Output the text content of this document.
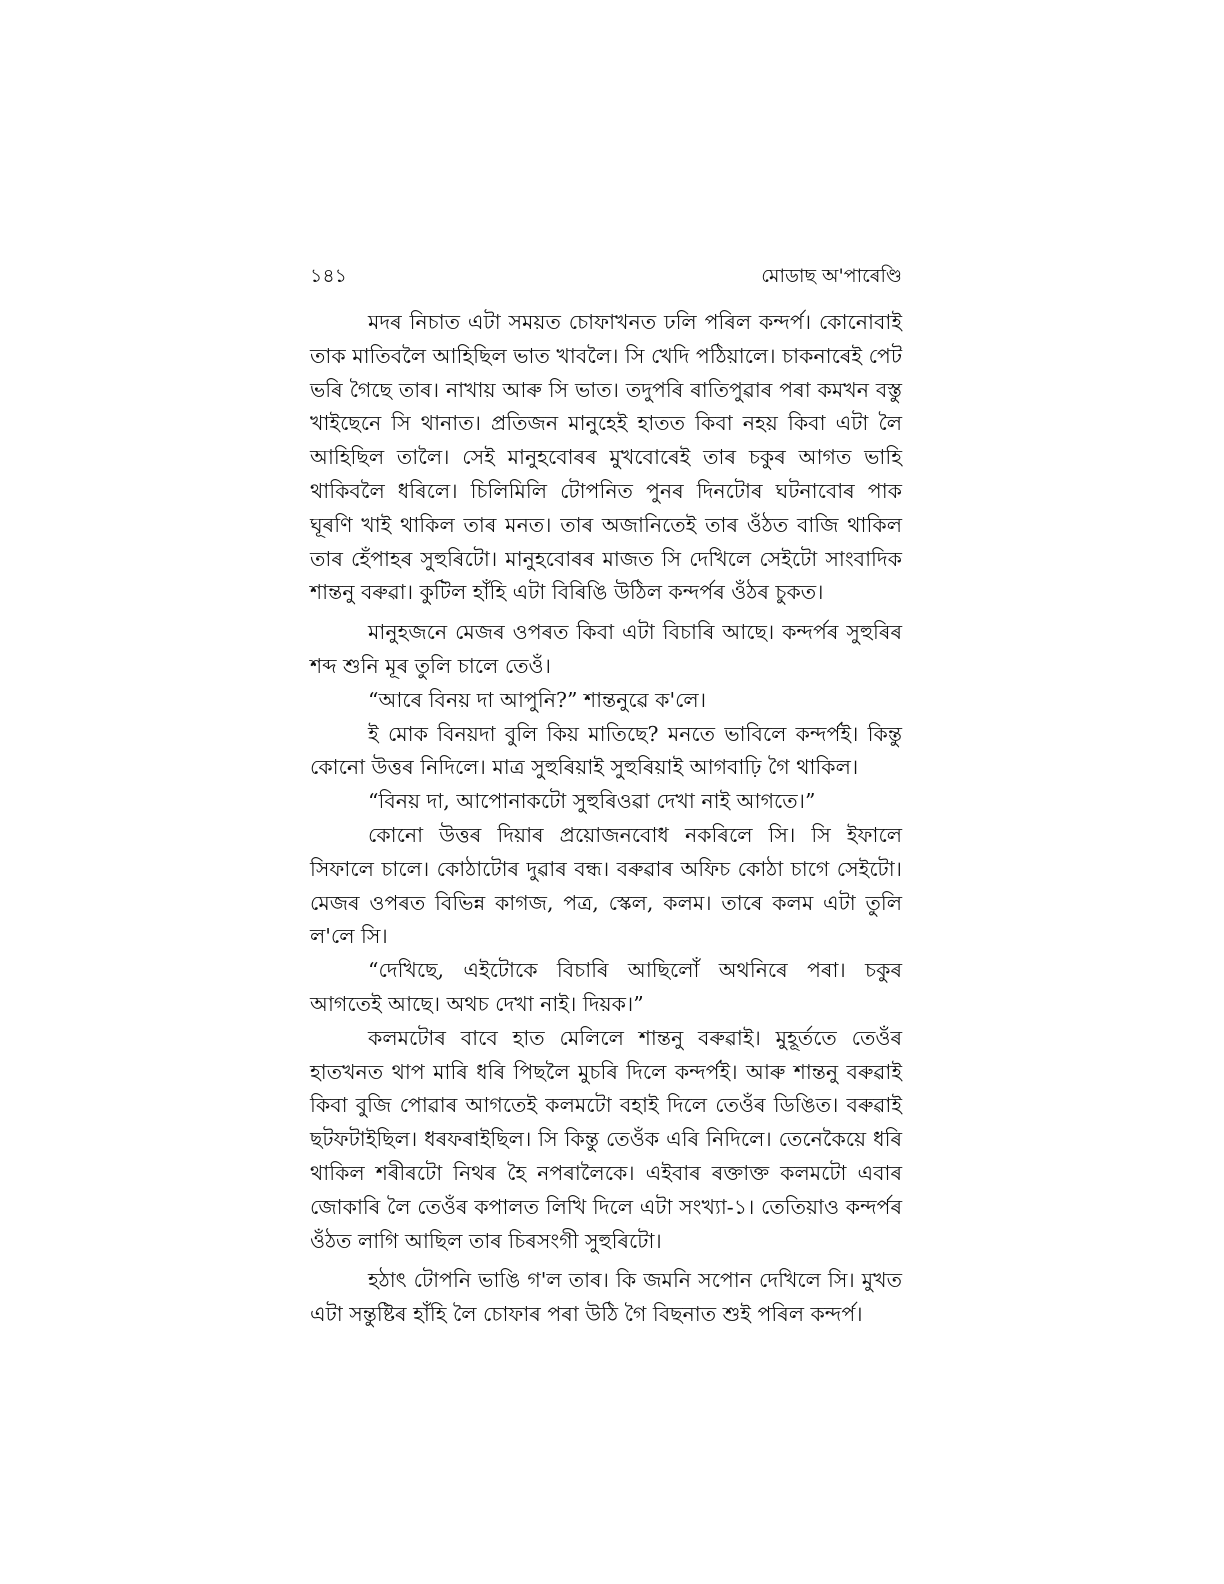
১৪১	মোডাছ অ'পাৰেণ্ডি

মদৰ নিচাত এটা সময়ত চোফাখনত ঢলি পৰিল কন্দৰ্প। কোনোবাই তাক মাতিবলৈ আহিছিল ভাত খাবলৈ। সি খেদি পঠিয়ালে। চাকনাৰেই পেট ভৰি গৈছে তাৰ। নাখায় আৰু সি ভাত। তদুপৰি ৰাতিপুৱাৰ পৰা কমখন বস্তু খাইছেনে সি থানাত। প্ৰতিজন মানুহেই হাতত কিবা নহয় কিবা এটা লৈ আহিছিল তালৈ। সেই মানুহবোৰৰ মুখবোৰেই তাৰ চকুৰ আগত ভাহি থাকিবলৈ ধৰিলে। চিলিমিলি টোপনিত পুনৰ দিনটোৰ ঘটনাবোৰ পাক ঘূৰণি খাই থাকিল তাৰ মনত। তাৰ অজানিতেই তাৰ ওঁঠত বাজি থাকিল তাৰ হেঁপাহৰ সুহুৰিটো। মানুহবোৰৰ মাজত সি দেখিলে সেইটো সাংবাদিক শান্তনু বৰুৱা। কুটিল হাঁহি এটা বিৰিঙি উঠিল কন্দৰ্পৰ ওঁঠৰ চুকত।

মানুহজনে মেজৰ ওপৰত কিবা এটা বিচাৰি আছে। কন্দৰ্পৰ সুহুৰিৰ শব্দ শুনি মূৰ তুলি চালে তেওঁ।

“আৰে বিনয় দা আপুনি?” শান্তনুৱে ক'লে।

ই মোক বিনয়দা বুলি কিয় মাতিছে? মনতে ভাবিলে কন্দৰ্পই। কিন্তু কোনো উত্তৰ নিদিলে। মাত্ৰ সুহুৰিয়াই সুহুৰিয়াই আগবাঢ়ি গৈ থাকিল।

“বিনয় দা, আপোনাকটো সুহুৰিওৱা দেখা নাই আগতে।”

কোনো উত্তৰ দিয়াৰ প্ৰয়োজনবোধ নকৰিলে সি। সি ইফালে সিফালে চালে। কোঠাটোৰ দুৱাৰ বন্ধ। বৰুৱাৰ অফিচ কোঠা চাগে সেইটো। মেজৰ ওপৰত বিভিন্ন কাগজ, পত্ৰ, স্কেল, কলম। তাৰে কলম এটা তুলি ল'লে সি।

“দেখিছে, এইটোকে বিচাৰি আছিলোঁ অথনিৰে পৰা। চকুৰ আগতেই আছে। অথচ দেখা নাই। দিয়ক।”

কলমটোৰ বাবে হাত মেলিলে শান্তনু বৰুৱাই। মুহূৰ্ততে তেওঁৰ হাতখনত থাপ মাৰি ধৰি পিছলৈ মুচৰি দিলে কন্দৰ্পই। আৰু শান্তনু বৰুৱাই কিবা বুজি পোৱাৰ আগতেই কলমটো বহাই দিলে তেওঁৰ ডিঙিত। বৰুৱাই ছটফটাইছিল। ধৰফৰাইছিল। সি কিন্তু তেওঁক এৰি নিদিলে। তেনেকৈয়ে ধৰি থাকিল শৰীৰটো নিথৰ হৈ নপৰালৈকে। এইবাৰ ৰক্তাক্ত কলমটো এবাৰ জোকাৰি লৈ তেওঁৰ কপালত লিখি দিলে এটা সংখ্যা-১। তেতিয়াও কন্দৰ্পৰ ওঁঠত লাগি আছিল তাৰ চিৰসংগী সুহুৰিটো।

হঠাৎ টোপনি ভাঙি গ'ল তাৰ। কি জমনি সপোন দেখিলে সি। মুখত এটা সন্তুষ্টিৰ হাঁহি লৈ চোফাৰ পৰা উঠি গৈ বিছনাত শুই পৰিল কন্দৰ্প।
